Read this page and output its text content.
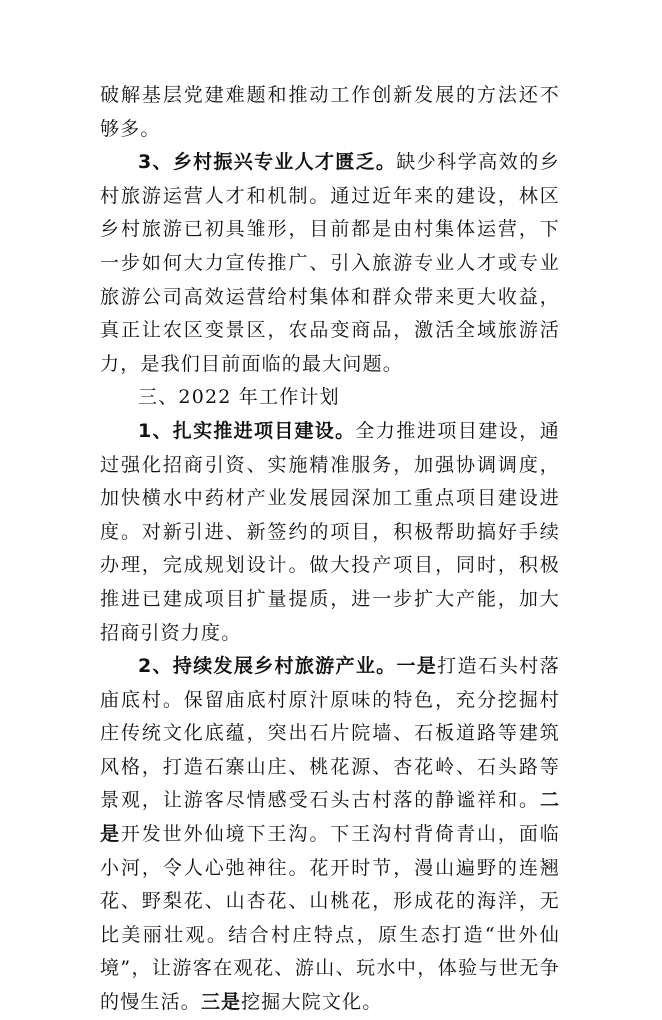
破解基层党建难题和推动工作创新发展的方法还不够多。

3、乡村振兴专业人才匮乏。缺少科学高效的乡村旅游运营人才和机制。通过近年来的建设，林区乡村旅游已初具雏形，目前都是由村集体运营，下一步如何大力宣传推广、引入旅游专业人才或专业旅游公司高效运营给村集体和群众带来更大收益，真正让农区变景区，农品变商品，激活全域旅游活力，是我们目前面临的最大问题。

三、2022 年工作计划

1、扎实推进项目建设。全力推进项目建设，通过强化招商引资、实施精准服务，加强协调调度，加快横水中药材产业发展园深加工重点项目建设进度。对新引进、新签约的项目，积极帮助搞好手续办理，完成规划设计。做大投产项目，同时，积极推进已建成项目扩量提质，进一步扩大产能，加大招商引资力度。

2、持续发展乡村旅游产业。一是打造石头村落庙底村。保留庙底村原汁原味的特色，充分挖掘村庄传统文化底蕴，突出石片院墙、石板道路等建筑风格，打造石寨山庄、桃花源、杏花岭、石头路等景观，让游客尽情感受石头古村落的静谧祥和。二是开发世外仙境下王沟。下王沟村背倚青山，面临小河，令人心弛神往。花开时节，漫山遍野的连翘花、野梨花、山杏花、山桃花，形成花的海洋，无比美丽壮观。结合村庄特点，原生态打造“世外仙境”，让游客在观花、游山、玩水中，体验与世无争的慢生活。三是挖掘大院文化。
